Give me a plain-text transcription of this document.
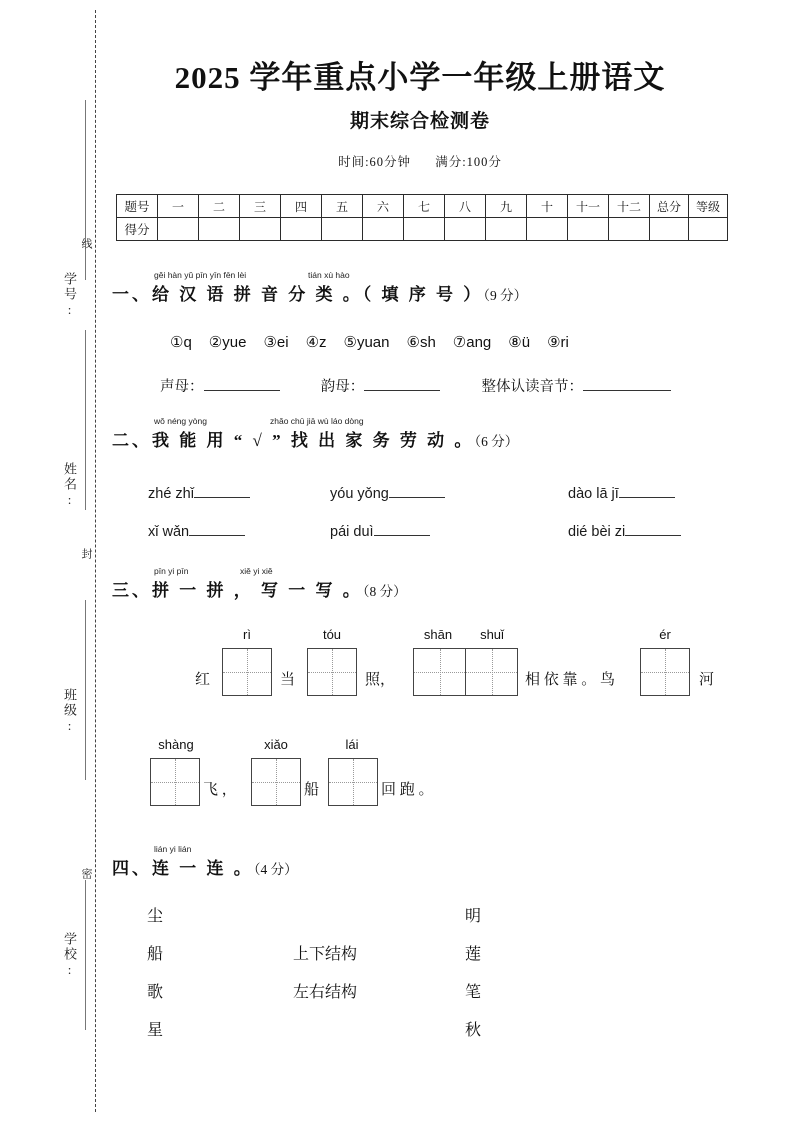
线
封
密
学号:
姓名:
班级:
学校:
2025 学年重点小学一年级上册语文
期末综合检测卷
时间:60分钟 满分:100分
题号	一	二	三	四	五	六	七	八	九	十	十一	十二	总分	等级
得分														
gěi hàn yǔ pīn yīn fēn lèi	tián xù hào
一、给 汉 语 拼 音 分 类 。（ 填 序 号 ）（9 分）
①q ②yue ③ei ④z ⑤yuan ⑥sh ⑦ang ⑧ü ⑨ri
声母：	韵母：	整体认读音节：
wǒ néng yòng	zhǎo chū jiā wù láo dòng
二、我 能 用 “ √ ” 找 出 家 务 劳 动 。（6 分）
zhé zhǐ	yóu yǒng	dào lā jī
xǐ wǎn	pái duì	dié bèi zi
pīn yi pīn	xiě yi xiě
三、拼 一 拼 ， 写 一 写 。（8 分）
红
rì
当
tóu
照，
shān	shuǐ
相 依 靠 。 鸟
ér
河
shàng
飞 ，
xiǎo
船
lái
回 跑 。
lián yi lián
四、连 一 连 。（4 分）
尘
船
歌
星
上下结构
左右结构
明
莲
笔
秋
